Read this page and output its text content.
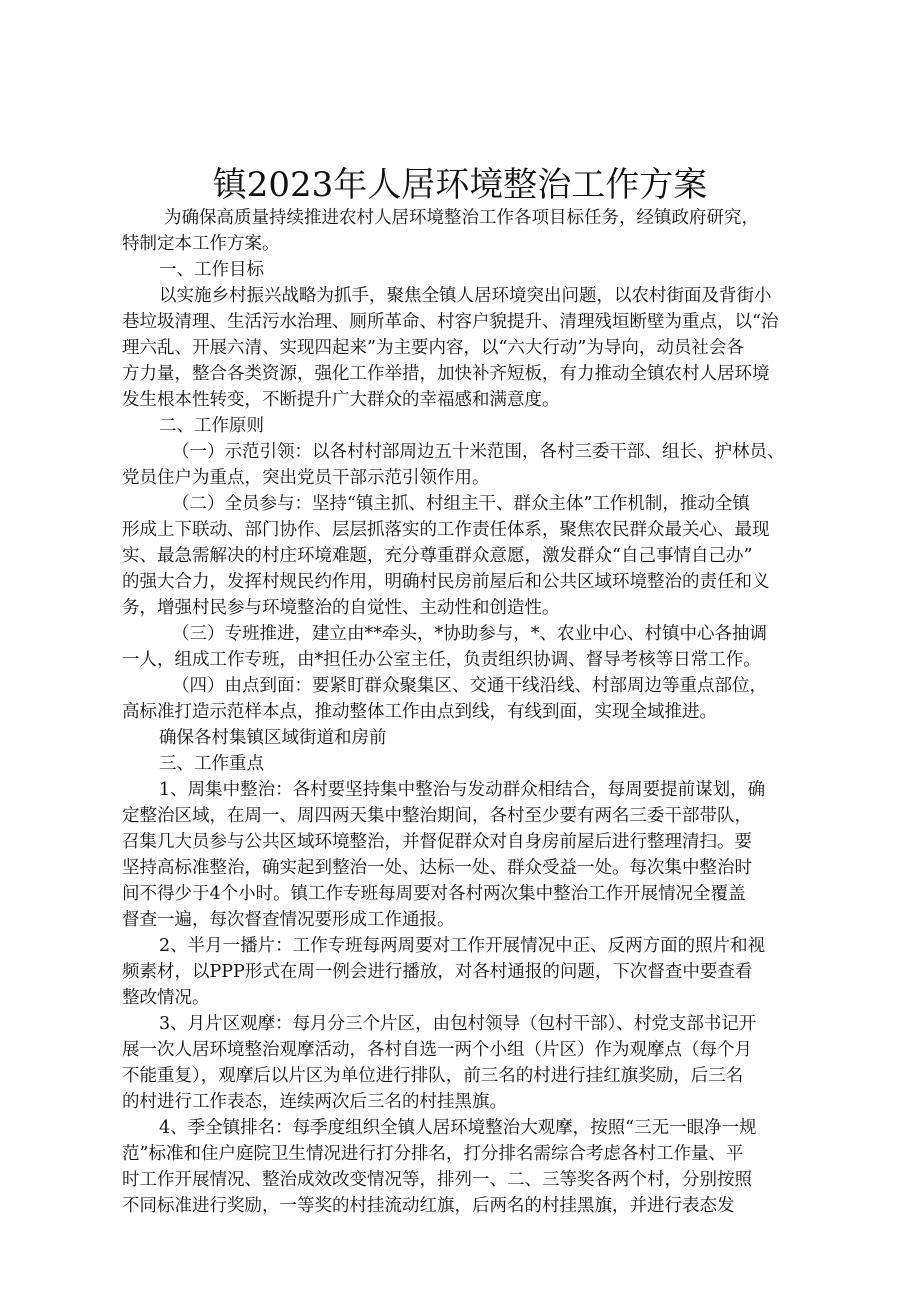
镇2023年人居环境整治工作方案
为确保高质量持续推进农村人居环境整治工作各项目标任务，经镇政府研究，
特制定本工作方案。
一、工作目标
以实施乡村振兴战略为抓手，聚焦全镇人居环境突出问题，以农村街面及背街小
巷垃圾清理、生活污水治理、厕所革命、村容户貌提升、清理残垣断壁为重点，以“治
理六乱、开展六清、实现四起来”为主要内容，以“六大行动”为导向，动员社会各
方力量，整合各类资源，强化工作举措，加快补齐短板，有力推动全镇农村人居环境
发生根本性转变，不断提升广大群众的幸福感和满意度。
二、工作原则
（一）示范引领：以各村村部周边五十米范围，各村三委干部、组长、护林员、
党员住户为重点，突出党员干部示范引领作用。
（二）全员参与：坚持“镇主抓、村组主干、群众主体”工作机制，推动全镇
形成上下联动、部门协作、层层抓落实的工作责任体系，聚焦农民群众最关心、最现
实、最急需解决的村庄环境难题，充分尊重群众意愿，激发群众“自己事情自己办”
的强大合力，发挥村规民约作用，明确村民房前屋后和公共区域环境整治的责任和义
务，增强村民参与环境整治的自觉性、主动性和创造性。
（三）专班推进，建立由**牵头，*协助参与，*、农业中心、村镇中心各抽调
一人，组成工作专班，由*担任办公室主任，负责组织协调、督导考核等日常工作。
（四）由点到面：要紧盯群众聚集区、交通干线沿线、村部周边等重点部位，
高标准打造示范样本点，推动整体工作由点到线，有线到面，实现全域推进。
确保各村集镇区域街道和房前
三、工作重点
1、周集中整治：各村要坚持集中整治与发动群众相结合，每周要提前谋划，确
定整治区域，在周一、周四两天集中整治期间，各村至少要有两名三委干部带队，
召集几大员参与公共区域环境整治，并督促群众对自身房前屋后进行整理清扫。要
坚持高标准整治，确实起到整治一处、达标一处、群众受益一处。每次集中整治时
间不得少于4个小时。镇工作专班每周要对各村两次集中整治工作开展情况全覆盖
督查一遍，每次督查情况要形成工作通报。
2、半月一播片：工作专班每两周要对工作开展情况中正、反两方面的照片和视
频素材，以PPP形式在周一例会进行播放，对各村通报的问题，下次督查中要查看
整改情况。
3、月片区观摩：每月分三个片区，由包村领导（包村干部）、村党支部书记开
展一次人居环境整治观摩活动，各村自选一两个小组（片区）作为观摩点（每个月
不能重复），观摩后以片区为单位进行排队，前三名的村进行挂红旗奖励，后三名
的村进行工作表态，连续两次后三名的村挂黑旗。
4、季全镇排名：每季度组织全镇人居环境整治大观摩，按照“三无一眼净一规
范”标准和住户庭院卫生情况进行打分排名，打分排名需综合考虑各村工作量、平
时工作开展情况、整治成效改变情况等，排列一、二、三等奖各两个村，分别按照
不同标准进行奖励，一等奖的村挂流动红旗，后两名的村挂黑旗，并进行表态发
